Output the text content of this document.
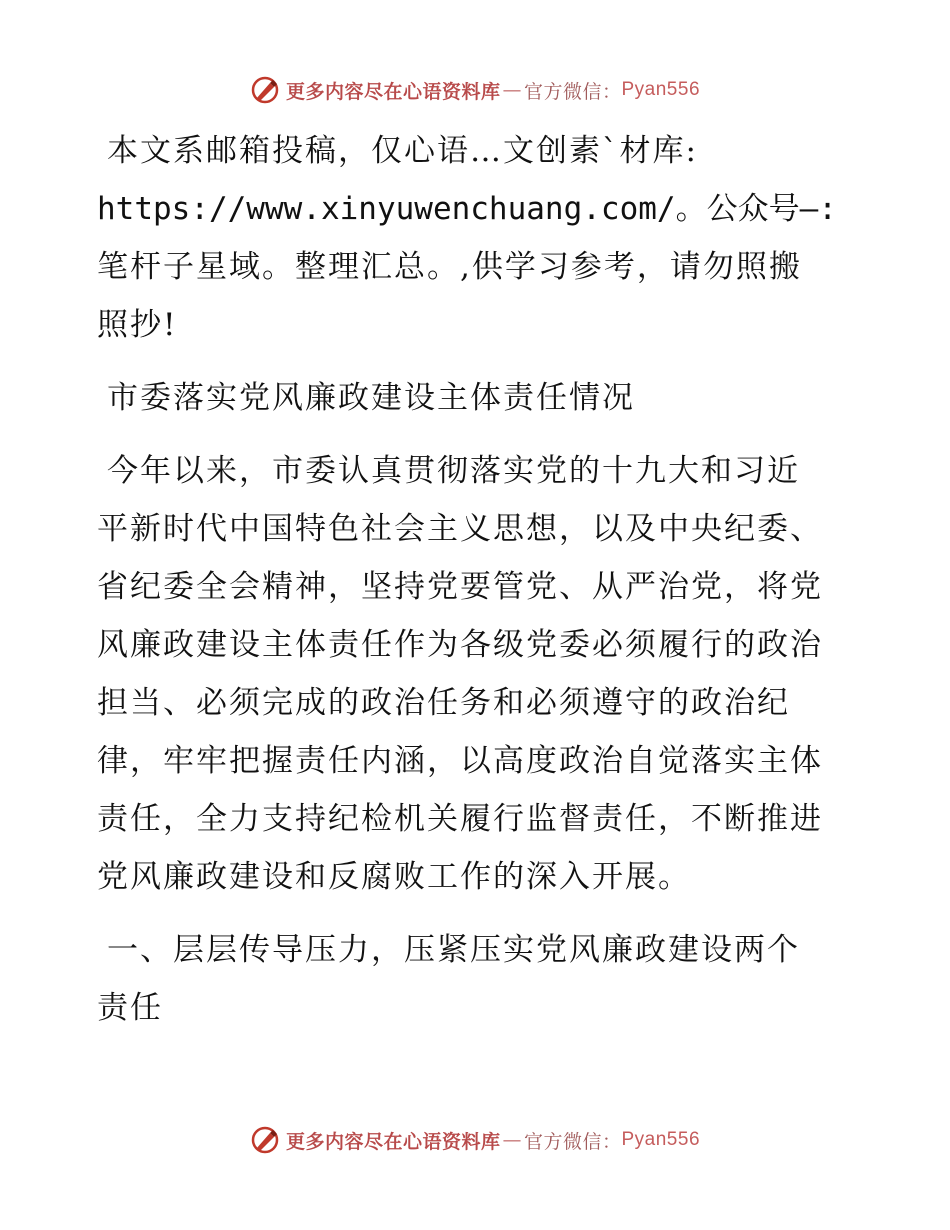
更多内容尽在心语资料库 — 官方微信： Pyan556

本文系邮箱投稿，仅心语…文创素`材库:

https://www.xinyuwenchuang.com/。公众号—:

笔杆子星域。整理汇总。,供学习参考，请勿照搬

照抄!

市委落实党风廉政建设主体责任情况

今年以来，市委认真贯彻落实党的十九大和习近

平新时代中国特色社会主义思想，以及中央纪委、

省纪委全会精神，坚持党要管党、从严治党，将党

风廉政建设主体责任作为各级党委必须履行的政治

担当、必须完成的政治任务和必须遵守的政治纪

律，牢牢把握责任内涵，以高度政治自觉落实主体

责任，全力支持纪检机关履行监督责任，不断推进

党风廉政建设和反腐败工作的深入开展。

一、层层传导压力，压紧压实党风廉政建设两个

责任

更多内容尽在心语资料库 — 官方微信： Pyan556
